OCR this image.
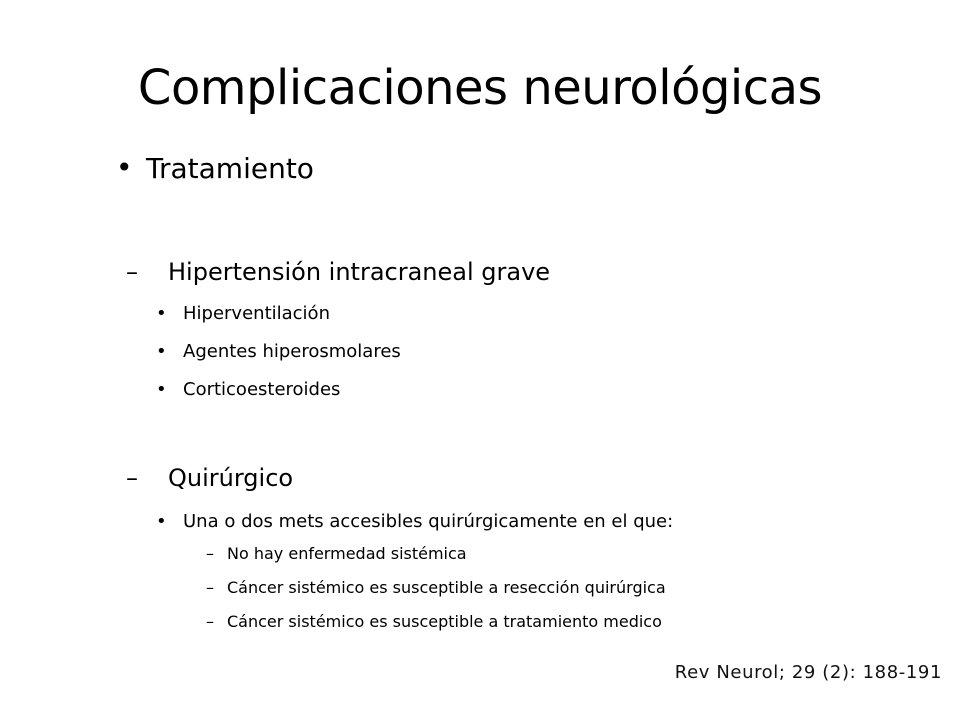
Complicaciones neurológicas
• Tratamiento
– Hipertensión intracraneal grave
• Hiperventilación
• Agentes hiperosmolares
• Corticoesteroides
– Quirúrgico
• Una o dos mets accesibles quirúrgicamente en el que:
– No hay enfermedad sistémica
– Cáncer sistémico es susceptible a resección quirúrgica
– Cáncer sistémico es susceptible a tratamiento medico
Rev Neurol; 29 (2): 188-191
